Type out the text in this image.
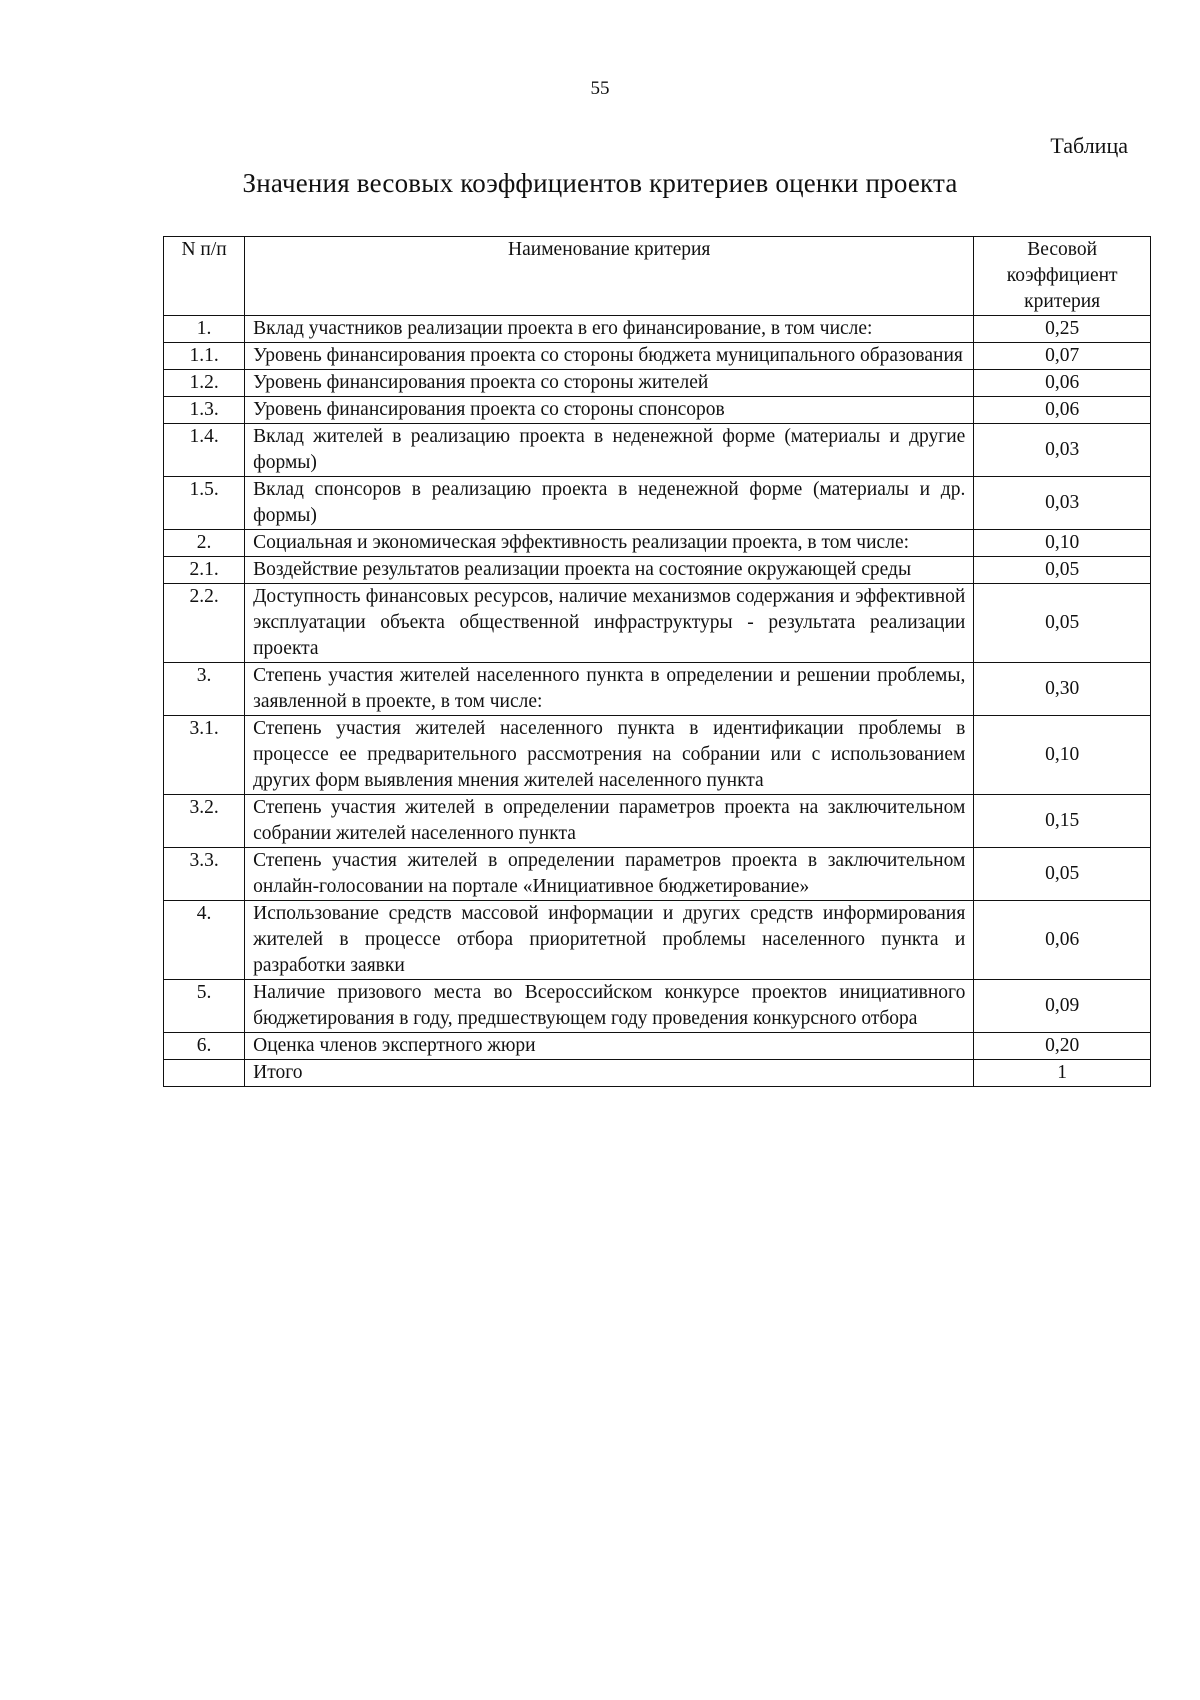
55
Таблица
Значения весовых коэффициентов критериев оценки проекта
N п/п	Наименование критерия	Весовой коэффициент критерия
1.	Вклад участников реализации проекта в его финансирование, в том числе:	0,25
1.1.	Уровень финансирования проекта со стороны бюджета муниципального образования	0,07
1.2.	Уровень финансирования проекта со стороны жителей	0,06
1.3.	Уровень финансирования проекта со стороны спонсоров	0,06
1.4.	Вклад жителей в реализацию проекта в неденежной форме (материалы и другие формы)	0,03
1.5.	Вклад спонсоров в реализацию проекта в неденежной форме (материалы и др. формы)	0,03
2.	Социальная и экономическая эффективность реализации проекта, в том числе:	0,10
2.1.	Воздействие результатов реализации проекта на состояние окружающей среды	0,05
2.2.	Доступность финансовых ресурсов, наличие механизмов содержания и эффективной эксплуатации объекта общественной инфраструктуры - результата реализации проекта	0,05
3.	Степень участия жителей населенного пункта в определении и решении проблемы, заявленной в проекте, в том числе:	0,30
3.1.	Степень участия жителей населенного пункта в идентификации проблемы в процессе ее предварительного рассмотрения на собрании или с использованием других форм выявления мнения жителей населенного пункта	0,10
3.2.	Степень участия жителей в определении параметров проекта на заключительном собрании жителей населенного пункта	0,15
3.3.	Степень участия жителей в определении параметров проекта в заключительном онлайн-голосовании на портале «Инициативное бюджетирование»	0,05
4.	Использование средств массовой информации и других средств информирования жителей в процессе отбора приоритетной проблемы населенного пункта и разработки заявки	0,06
5.	Наличие призового места во Всероссийском конкурсе проектов инициативного бюджетирования в году, предшествующем году проведения конкурсного отбора	0,09
6.	Оценка членов экспертного жюри	0,20
	Итого	1
